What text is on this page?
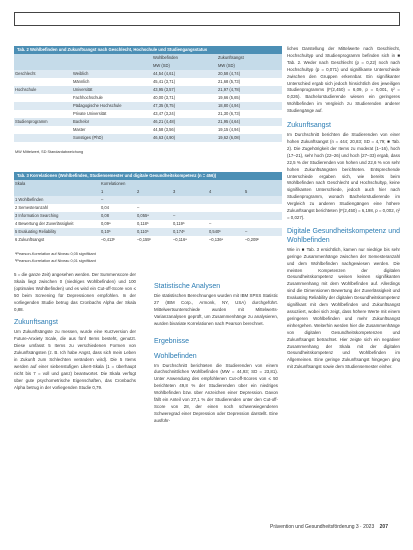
Tab. 2 Wohlbefinden und Zukunftsangst nach Geschlecht, Hochschule und Studiengangsstatus
		Wohlbefinden	Zukunftsangst
		MW (SD)	MW (SD)
Geschlecht	Weiblich	44,54 (4,61)	20,58 (4,74)
	Männlich	45,41 (3,71)	21,68 (5,73)
Hochschule	Universität	43,95 (3,57)	21,97 (4,78)
	Fachhochschule	40,00 (3,71)	19,66 (5,65)
	Pädagogische Hochschule	47,35 (8,75)	18,80 (4,94)
	Private Universität	43,47 (3,24)	21,30 (6,73)
Studienprogramm	Bachelor	46,21 (4,48)	21,95 (4,64)
	Master	44,58 (3,56)	19,15 (4,94)
	Sonstiges (PhD)	46,63 (4,90)	19,62 (6,08)
MW Mittelwert, SD Standardabweichung
Tab. 3 Korrelationen (Wohlbefinden, Studiensemester und digitale Gesundheitskompetenz (n = 456))
Skala	Korrelationen				
	1	2	3	4	5
1 Wohlbefinden	–				
2 Semesteranzahl	0,04	–			
3 Information Searching	0,08	0,055ᵃ	–		
4 Bewertung der Zuverlässigkeit	0,09ᵃ	0,118ᵇ	0,119ᵇ	–	
5 Evaluating Reliability	0,10ᵇ	0,110ᵇ	0,174ᵇ	0,540ᵇ	–
6 Zukunftsangst	–0,413ᵇ	–0,155ᵇ	–0,116ᵃ	–0,136ᵃ	–0,209ᵇ
ᵃPearson-Korrelation auf Niveau 0,05 signifikant
ᵇPearson-Korrelation auf Niveau 0,01 signifikant

liches Darstellung der Mittelwerte nach Geschlecht, Hochschultyp und Studienprogramm befinden sich in ■ Tab. 2. Weder nach Geschlecht (p = 0,22) noch nach Hochschultyp (p = 0,071) und signifikante Unterschiede zwischen den Gruppen erkennbar. Ein signifikanter Unterschied ergab sich jedoch hinsichtlich des jeweiligen Studienprogramms (F(2,450) = 6,09, p = 0,001, η² = 0,026). Bachelorstudierende wiesen ein geringeres Wohlbefinden im Vergleich zu Studierenden anderer Studiengänge auf.

Zukunftsangst

Im Durchschnitt berichten die Studierenden von einer hohen Zukunftsangst (n = 444; 20,83; SD = 4,79; ■ Tab. 2). Die Zugehörigkeit der Items zu moderat (1–16), hoch (17–21), sehr hoch (22–26) und hoch (27–33) ergab, dass 22,5 % der Studierenden von hohen und 22,6 % von sehr hohen Zukunftsängsten berichteten. Entsprechende Unterschiede ergaben sich, wie bereits beim Wohlbefinden nach Geschlecht und Hochschultyp, keine signifikanten Unterschiede, jedoch auch hier nach Studienprogramm, wonach Bachelorstudierende im Vergleich zu anderen Studiengängen eine höhere Zukunftsangst berichteten (F(2,450) = 6,198, p = 0,002, η² = 0,027).

Digitale Gesundheitskompetenz und Wohlbefinden

Wie in ■ Tab. 3 ersichtlich, kamen nur niedrige bis sehr geringe Zusammenhänge zwischen der Semesteranzahl und dem Wohlbefinden nachgewiesen werden. Die meisten Kompetenzen der digitalen Gesundheitskompetenz weisen keinen signifikanten Zusammenhang mit dem Wohlbefinden auf. Allerdings sind die Dimensionen Bewertung der Zuverlässigkeit und Evaluating Reliability der digitalen Gesundheitskompetenz signifikant mit dem Wohlbefinden und Zukunftsangst assoziiert, wobei sich zeigt, dass höhere Werte mit einem geringeren Wohlbefinden und mehr Zukunftsangst einhergehen. Weiterhin werden hier die Zusammenhänge von digitalen Gesundheitskompetenzen und Zukunftsangst betrachtet. Hier zeigte sich ein negativer Zusammenhang der Skala mit der digitalen Gesundheitskompetenz und Wohlbefinden im Allgemeinen. Eine geringe Zukunftsangst hingegen ging mit Zukunftsangst sowie dem Studiensemester einher.

5 = die ganze Zeit) angesehen werden. Der Summenscore der Skala liegt zwischen 0 (niedriges Wohlbefinden) und 100 (optimales Wohlbefinden) und es wird ein Cut-off-Score von ≤ 50 beim Screening für Depressionen empfohlen. In der vorliegenden Studie betrug das Cronbachs Alpha der Skala 0,88.

Zukunftsangst

Um Zukunftsängste zu messen, wurde eine Kurzversion der Future-Anxiety Scale, die aus fünf Items besteht, genutzt. Diese umfasst 5 Items zu verschiedenen Formen von Zukunftsängsten (z. B. Ich habe Angst, dass sich mein Leben in Zukunft zum Schlechten verändern wird). Die 5 Items werden auf einer siebenstufigen Likert-Skala (1 = überhaupt nicht bis 7 = voll und ganz) beantwortet. Die Skala verfügt über gute psychometrische Eigenschaften, das Cronbachs Alpha betrug in der vorliegenden Studie 0,79.

Statistische Analysen

Die statistischen Berechnungen wurden mit IBM SPSS Statistic 27 (IBM Corp., Armonk, NY, USA) durchgeführt. Mittelwertsunterschiede wurden mit Mittelwerts-Varianzanalysen geprüft, um Zusammenhänge zu analysieren, wurden bivariate Korrelationen nach Pearson berechnet.

Ergebnisse
Wohlbefinden

Im Durchschnitt berichteten die Studierenden von einem durchschnittlichen Wohlbefinden (MW = 44,93; SD = 23,81). Unter Anwendung des empfohlenen Cut-off-Scores von ≤ 50 berichteten 49,8 % der Studierenden über ein niedriges Wohlbefinden bzw. über Anzeichen einer Depression. Davon fällt ein Anteil von 27,1 % der Studierenden unter den Cut-off-Score von 28, der einen noch schwerwiegenderen Schweregrad einer Depression oder Depression darstellt. Eine ausführ-

Prävention und Gesundheitsförderung 3 · 2023 207
